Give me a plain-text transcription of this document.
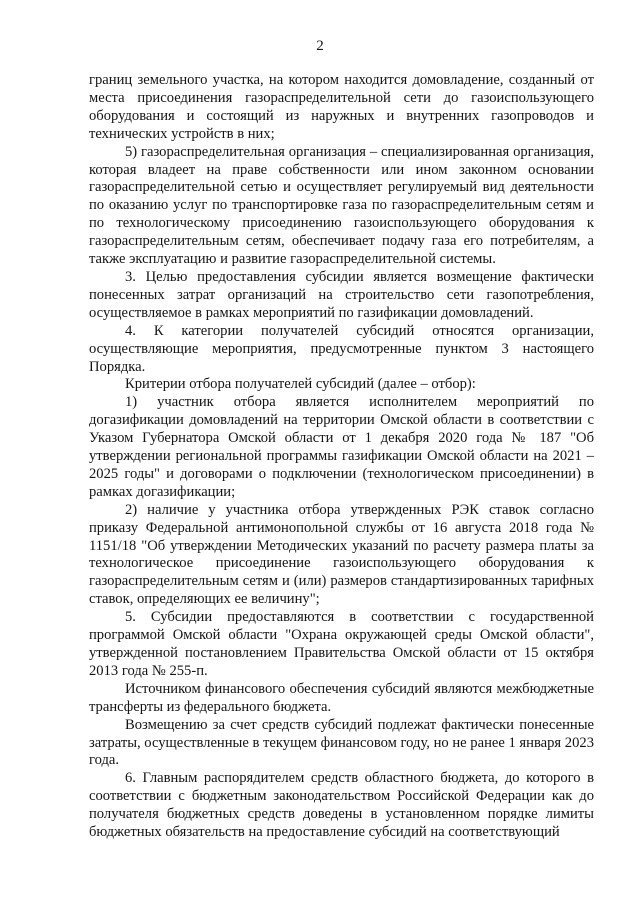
2

границ земельного участка, на котором находится домовладение, созданный от места присоединения газораспределительной сети до газоиспользующего оборудования и состоящий из наружных и внутренних газопроводов и технических устройств в них;

5) газораспределительная организация – специализированная организация, которая владеет на праве собственности или ином законном основании газораспределительной сетью и осуществляет регулируемый вид деятельности по оказанию услуг по транспортировке газа по газораспределительным сетям и по технологическому присоединению газоиспользующего оборудования к газораспределительным сетям, обеспечивает подачу газа его потребителям, а также эксплуатацию и развитие газораспределительной системы.

3. Целью предоставления субсидии является возмещение фактически понесенных затрат организаций на строительство сети газопотребления, осуществляемое в рамках мероприятий по газификации домовладений.

4. К категории получателей субсидий относятся организации, осуществляющие мероприятия, предусмотренные пунктом 3 настоящего Порядка.

Критерии отбора получателей субсидий (далее – отбор):

1) участник отбора является исполнителем мероприятий по догазификации домовладений на территории Омской области в соответствии с Указом Губернатора Омской области от 1 декабря 2020 года № 187 "Об утверждении региональной программы газификации Омской области на 2021 – 2025 годы" и договорами о подключении (технологическом присоединении) в рамках догазификации;

2) наличие у участника отбора утвержденных РЭК ставок согласно приказу Федеральной антимонопольной службы от 16 августа 2018 года № 1151/18 "Об утверждении Методических указаний по расчету размера платы за технологическое присоединение газоиспользующего оборудования к газораспределительным сетям и (или) размеров стандартизированных тарифных ставок, определяющих ее величину";

5. Субсидии предоставляются в соответствии с государственной программой Омской области "Охрана окружающей среды Омской области", утвержденной постановлением Правительства Омской области от 15 октября 2013 года № 255-п.

Источником финансового обеспечения субсидий являются межбюджетные трансферты из федерального бюджета.

Возмещению за счет средств субсидий подлежат фактически понесенные затраты, осуществленные в текущем финансовом году, но не ранее 1 января 2023 года.

6. Главным распорядителем средств областного бюджета, до которого в соответствии с бюджетным законодательством Российской Федерации как до получателя бюджетных средств доведены в установленном порядке лимиты бюджетных обязательств на предоставление субсидий на соответствующий
